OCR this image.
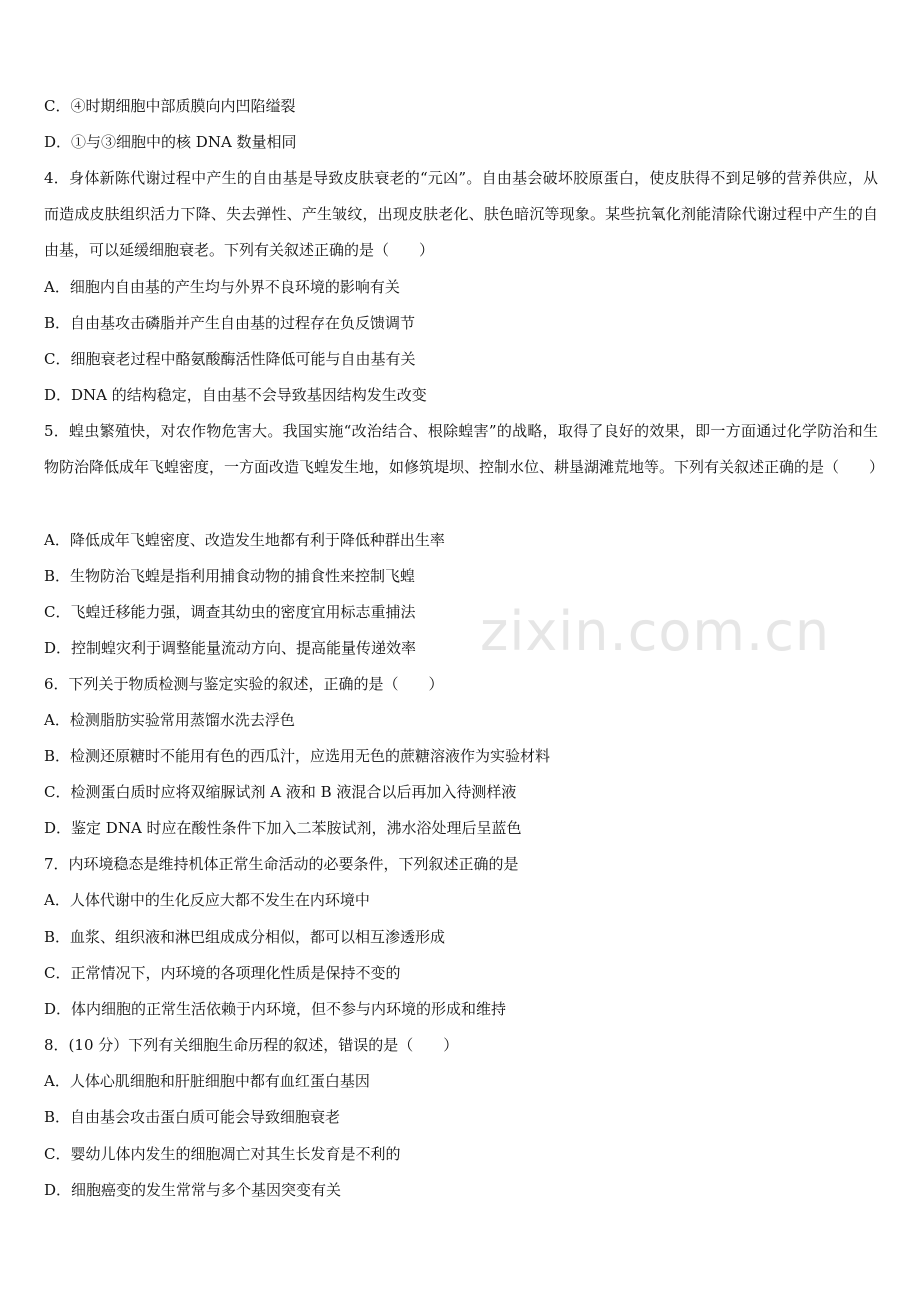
zixin.com.cn
C．④时期细胞中部质膜向内凹陷缢裂
D．①与③细胞中的核 DNA 数量相同
4．身体新陈代谢过程中产生的自由基是导致皮肤衰老的“元凶”。自由基会破坏胶原蛋白，使皮肤得不到足够的营养供应，从而造成皮肤组织活力下降、失去弹性、产生皱纹，出现皮肤老化、肤色暗沉等现象。某些抗氧化剂能清除代谢过程中产生的自由基，可以延缓细胞衰老。下列有关叙述正确的是（　　）
A．细胞内自由基的产生均与外界不良环境的影响有关
B．自由基攻击磷脂并产生自由基的过程存在负反馈调节
C．细胞衰老过程中酪氨酸酶活性降低可能与自由基有关
D．DNA 的结构稳定，自由基不会导致基因结构发生改变
5．蝗虫繁殖快，对农作物危害大。我国实施“改治结合、根除蝗害”的战略，取得了良好的效果，即一方面通过化学防治和生物防治降低成年飞蝗密度，一方面改造飞蝗发生地，如修筑堤坝、控制水位、耕垦湖滩荒地等。下列有关叙述正确的是（　　）
A．降低成年飞蝗密度、改造发生地都有利于降低种群出生率
B．生物防治飞蝗是指利用捕食动物的捕食性来控制飞蝗
C．飞蝗迁移能力强，调查其幼虫的密度宜用标志重捕法
D．控制蝗灾利于调整能量流动方向、提高能量传递效率
6．下列关于物质检测与鉴定实验的叙述，正确的是（　　）
A．检测脂肪实验常用蒸馏水洗去浮色
B．检测还原糖时不能用有色的西瓜汁，应选用无色的蔗糖溶液作为实验材料
C．检测蛋白质时应将双缩脲试剂 A 液和 B 液混合以后再加入待测样液
D．鉴定 DNA 时应在酸性条件下加入二苯胺试剂，沸水浴处理后呈蓝色
7．内环境稳态是维持机体正常生命活动的必要条件，下列叙述正确的是
A．人体代谢中的生化反应大都不发生在内环境中
B．血浆、组织液和淋巴组成成分相似，都可以相互渗透形成
C．正常情况下，内环境的各项理化性质是保持不变的
D．体内细胞的正常生活依赖于内环境，但不参与内环境的形成和维持
8．(10 分）下列有关细胞生命历程的叙述，错误的是（　　）
A．人体心肌细胞和肝脏细胞中都有血红蛋白基因
B．自由基会攻击蛋白质可能会导致细胞衰老
C．婴幼儿体内发生的细胞凋亡对其生长发育是不利的
D．细胞癌变的发生常常与多个基因突变有关
